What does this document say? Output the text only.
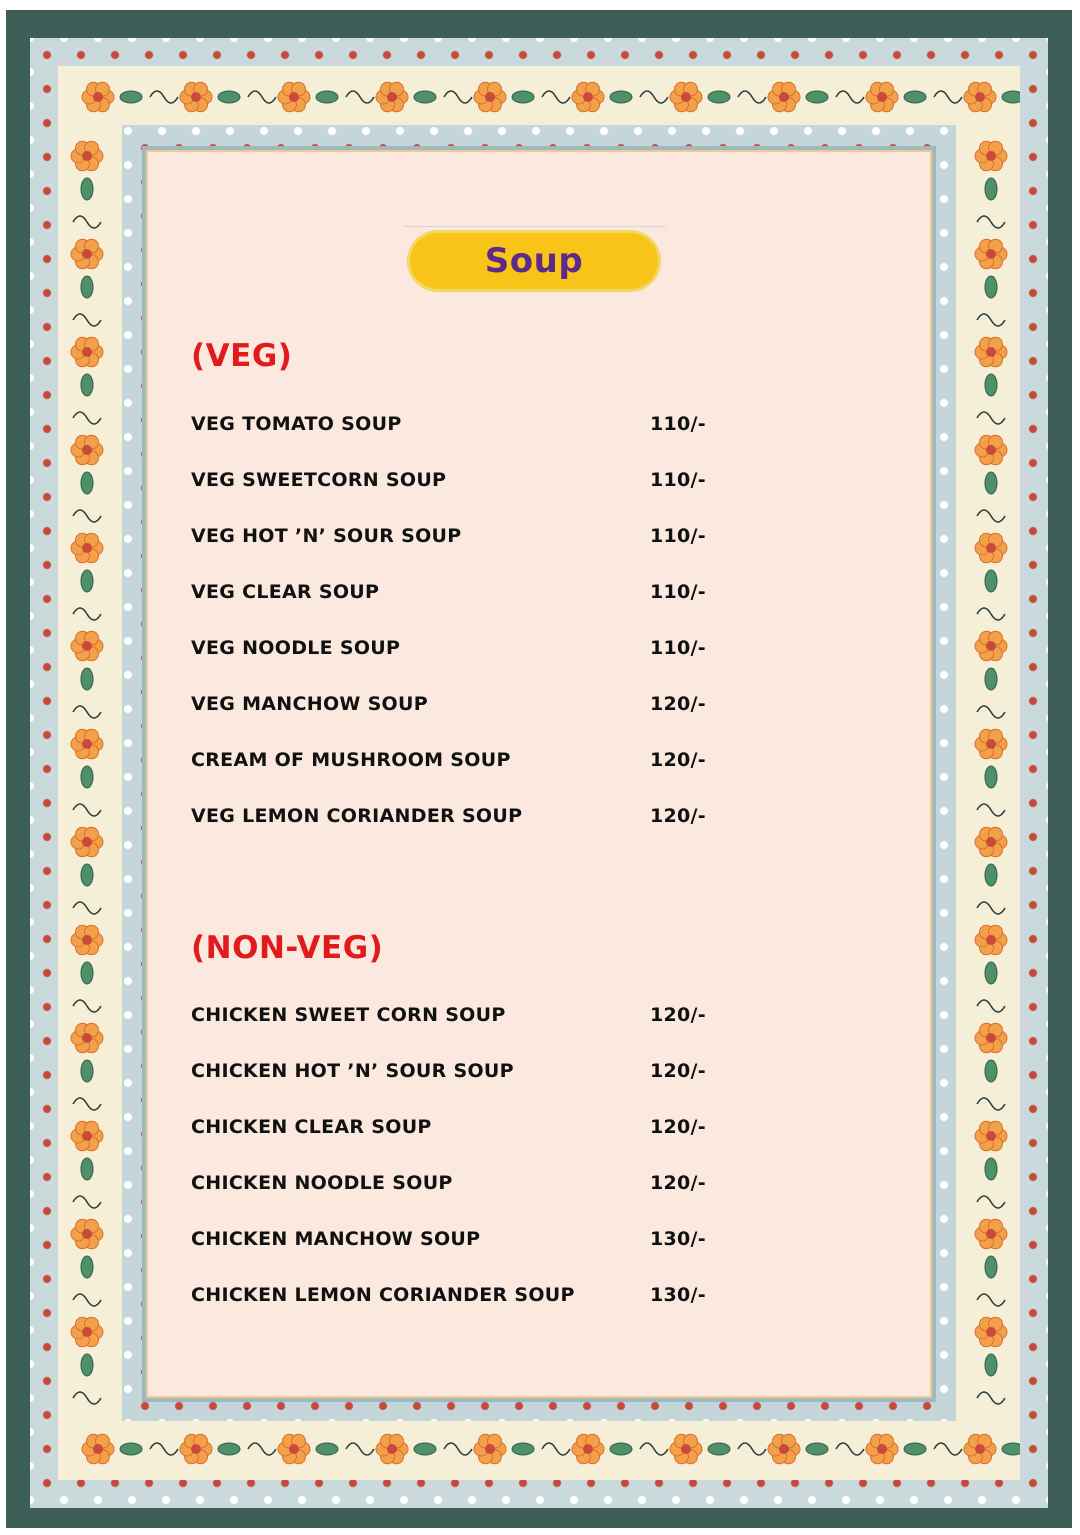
Soup
(VEG)
VEG TOMATO SOUP	110/-
VEG SWEETCORN SOUP	110/-
VEG HOT ’N’ SOUR SOUP	110/-
VEG CLEAR SOUP	110/-
VEG NOODLE SOUP	110/-
VEG MANCHOW SOUP	120/-
CREAM OF MUSHROOM SOUP	120/-
VEG LEMON CORIANDER SOUP	120/-
(NON-VEG)
CHICKEN SWEET CORN SOUP	120/-
CHICKEN HOT ’N’ SOUR SOUP	120/-
CHICKEN CLEAR SOUP	120/-
CHICKEN NOODLE SOUP	120/-
CHICKEN MANCHOW SOUP	130/-
CHICKEN LEMON CORIANDER SOUP	130/-
